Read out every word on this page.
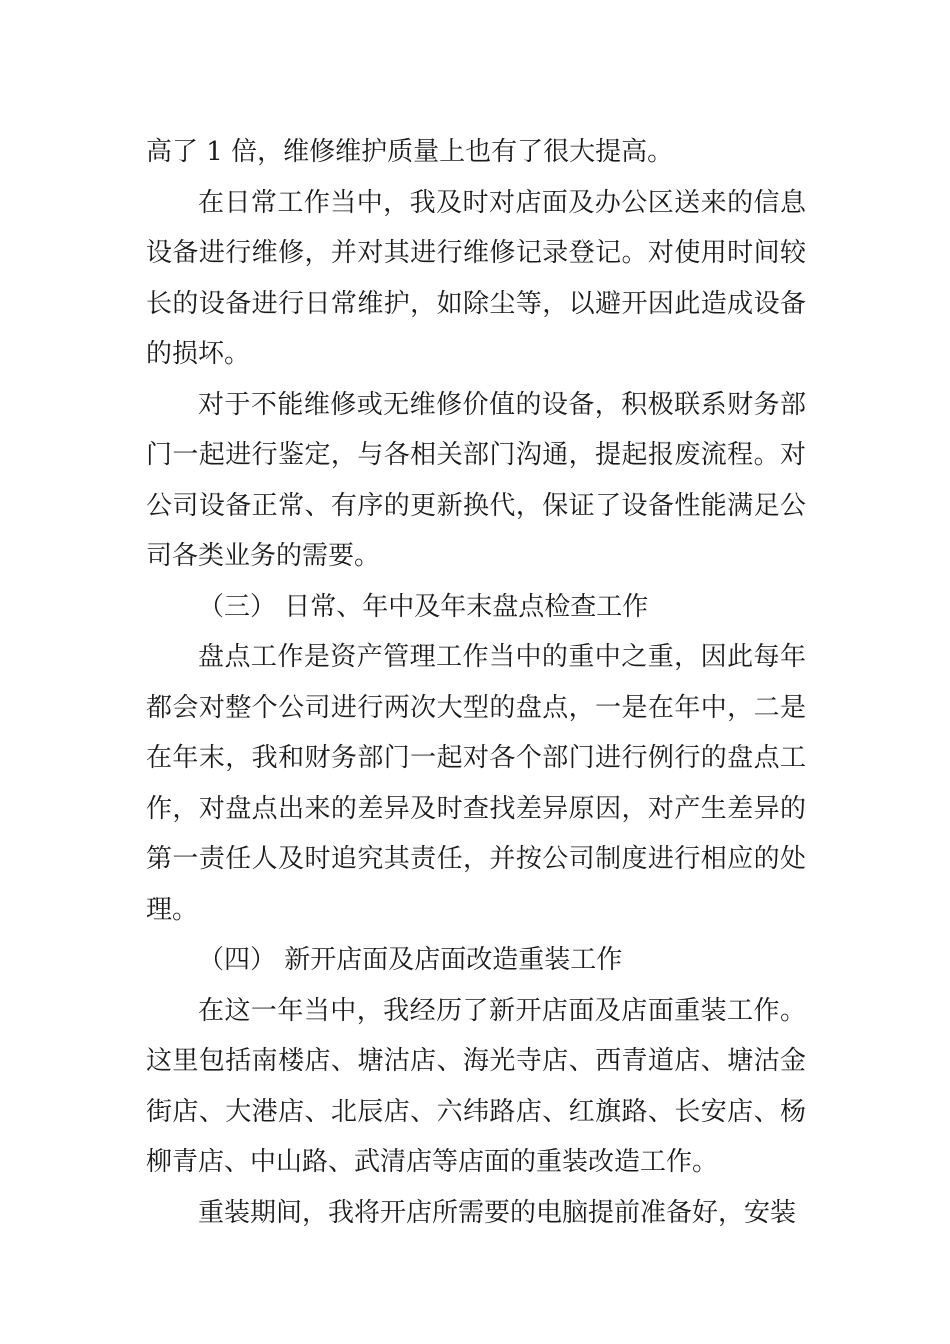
高了 1 倍，维修维护质量上也有了很大提高。

在日常工作当中，我及时对店面及办公区送来的信息设备进行维修，并对其进行维修记录登记。对使用时间较长的设备进行日常维护，如除尘等，以避开因此造成设备的损坏。

对于不能维修或无维修价值的设备，积极联系财务部门一起进行鉴定，与各相关部门沟通，提起报废流程。对公司设备正常、有序的更新换代，保证了设备性能满足公司各类业务的需要。

（三） 日常、年中及年末盘点检查工作

盘点工作是资产管理工作当中的重中之重，因此每年都会对整个公司进行两次大型的盘点，一是在年中，二是在年末，我和财务部门一起对各个部门进行例行的盘点工作，对盘点出来的差异及时查找差异原因，对产生差异的第一责任人及时追究其责任，并按公司制度进行相应的处理。

（四） 新开店面及店面改造重装工作

在这一年当中，我经历了新开店面及店面重装工作。这里包括南楼店、塘沽店、海光寺店、西青道店、塘沽金街店、大港店、北辰店、六纬路店、红旗路、长安店、杨柳青店、中山路、武清店等店面的重装改造工作。

重装期间，我将开店所需要的电脑提前准备好，安装
